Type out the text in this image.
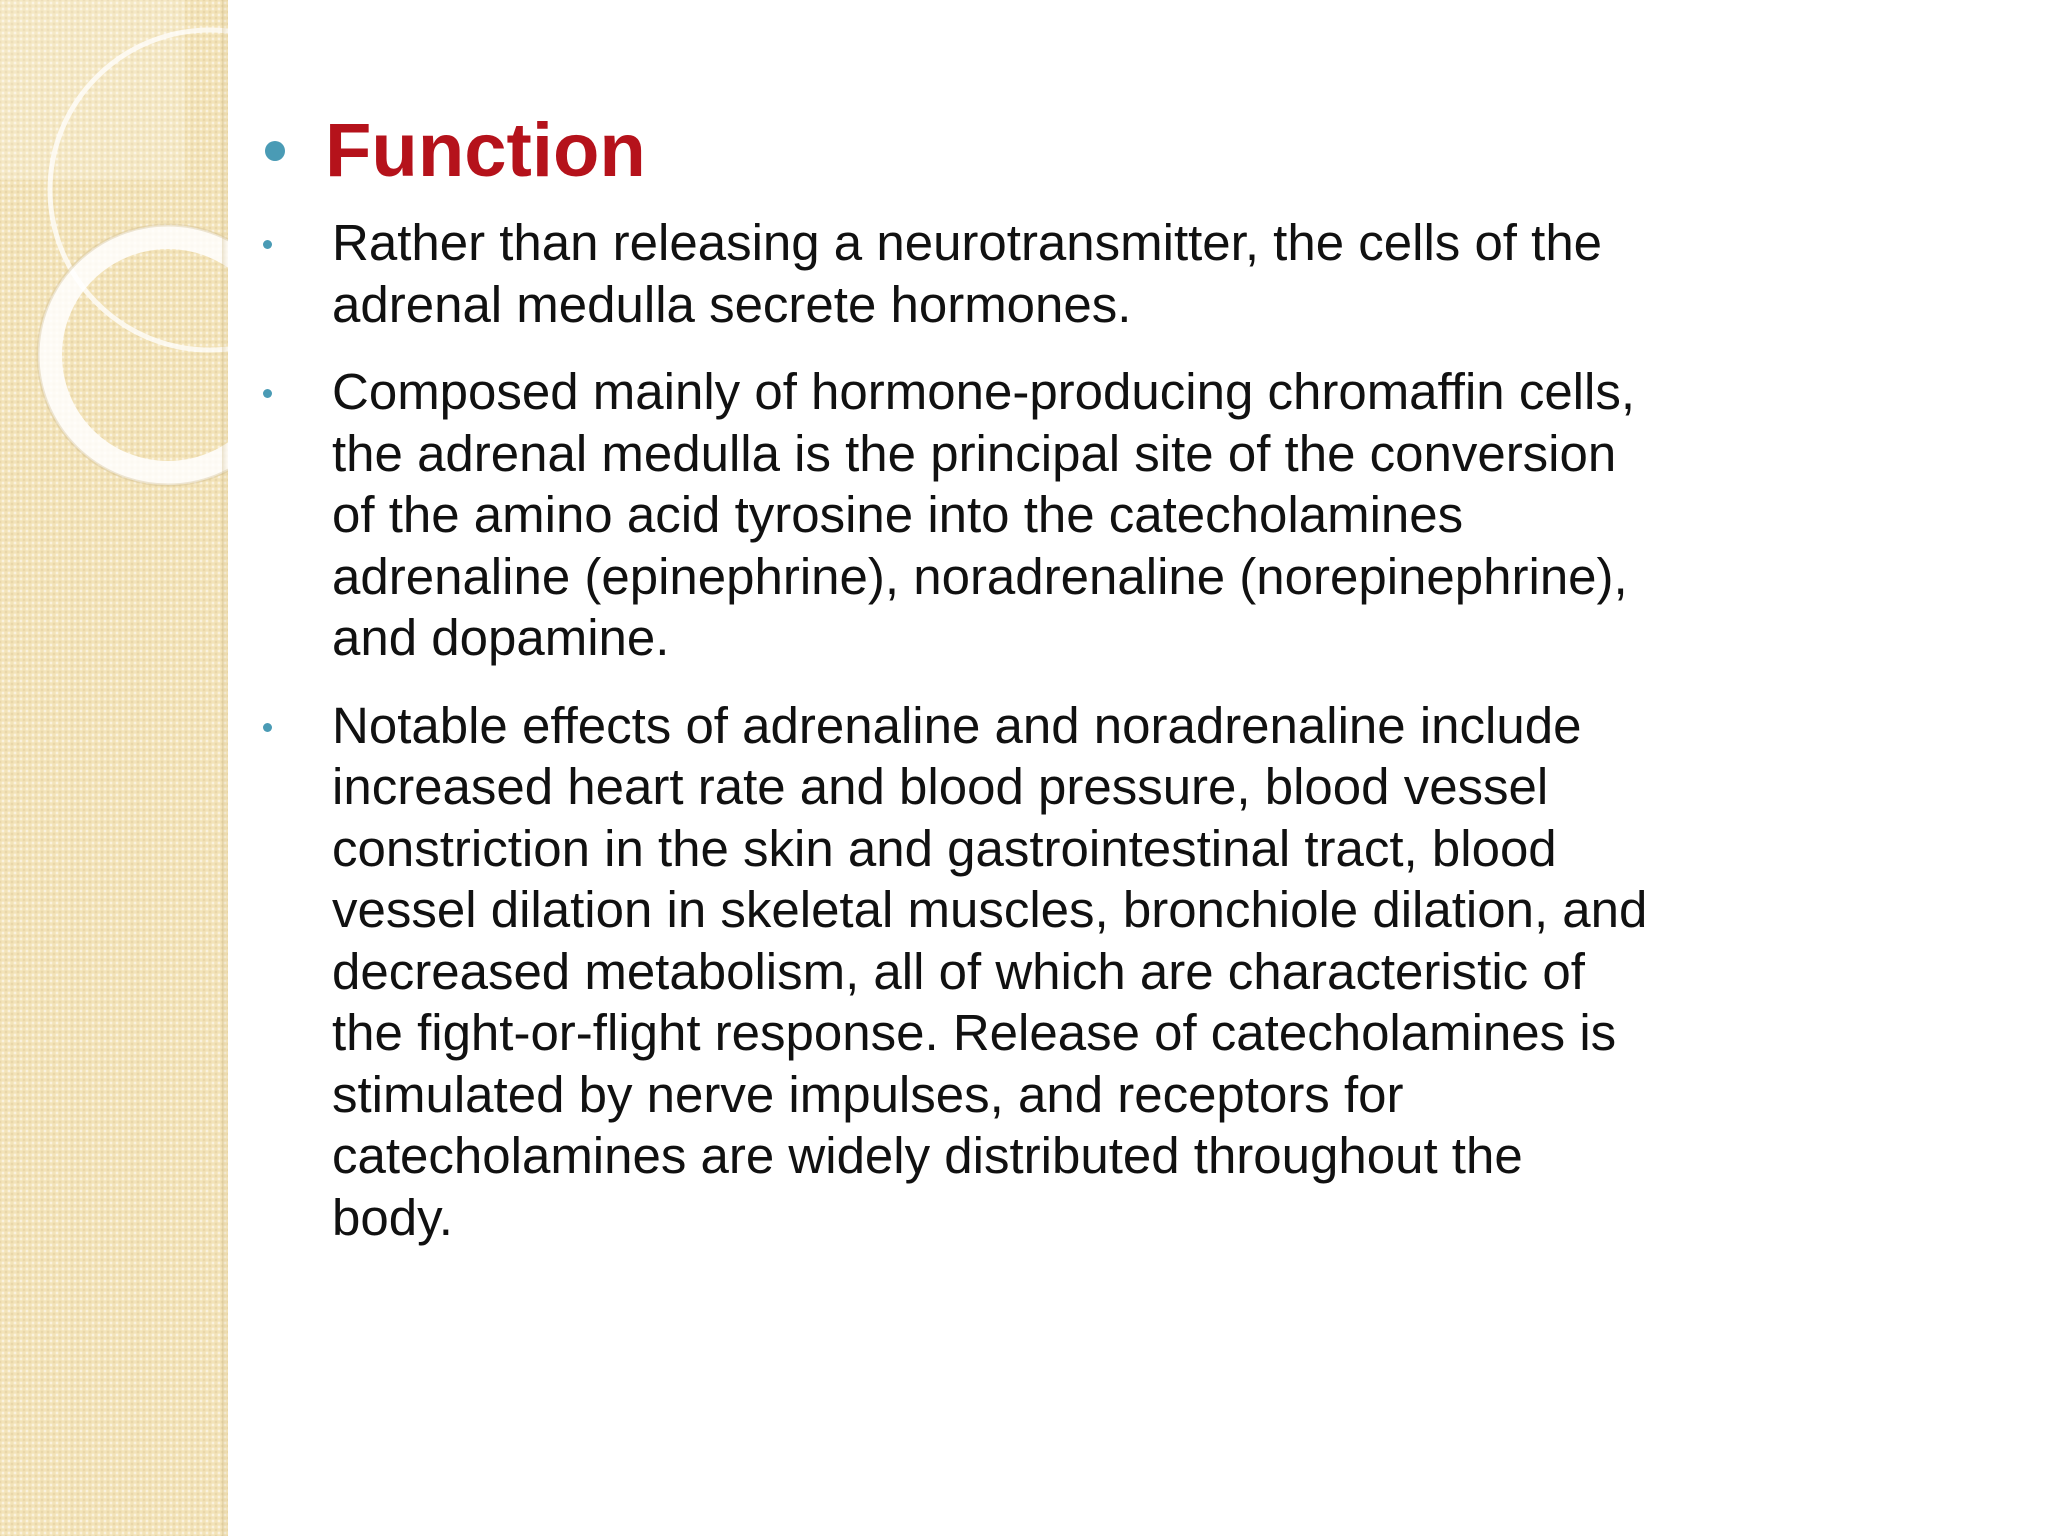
Function

Rather than releasing a neurotransmitter, the cells of the adrenal medulla secrete hormones.

Composed mainly of hormone-producing chromaffin cells, the adrenal medulla is the principal site of the conversion of the amino acid tyrosine into the catecholamines adrenaline (epinephrine), noradrenaline (norepinephrine), and dopamine.

Notable effects of adrenaline and noradrenaline include increased heart rate and blood pressure, blood vessel constriction in the skin and gastrointestinal tract, blood vessel dilation in skeletal muscles, bronchiole dilation, and decreased metabolism, all of which are characteristic of the fight-or-flight response. Release of catecholamines is stimulated by nerve impulses, and receptors for catecholamines are widely distributed throughout the body.
